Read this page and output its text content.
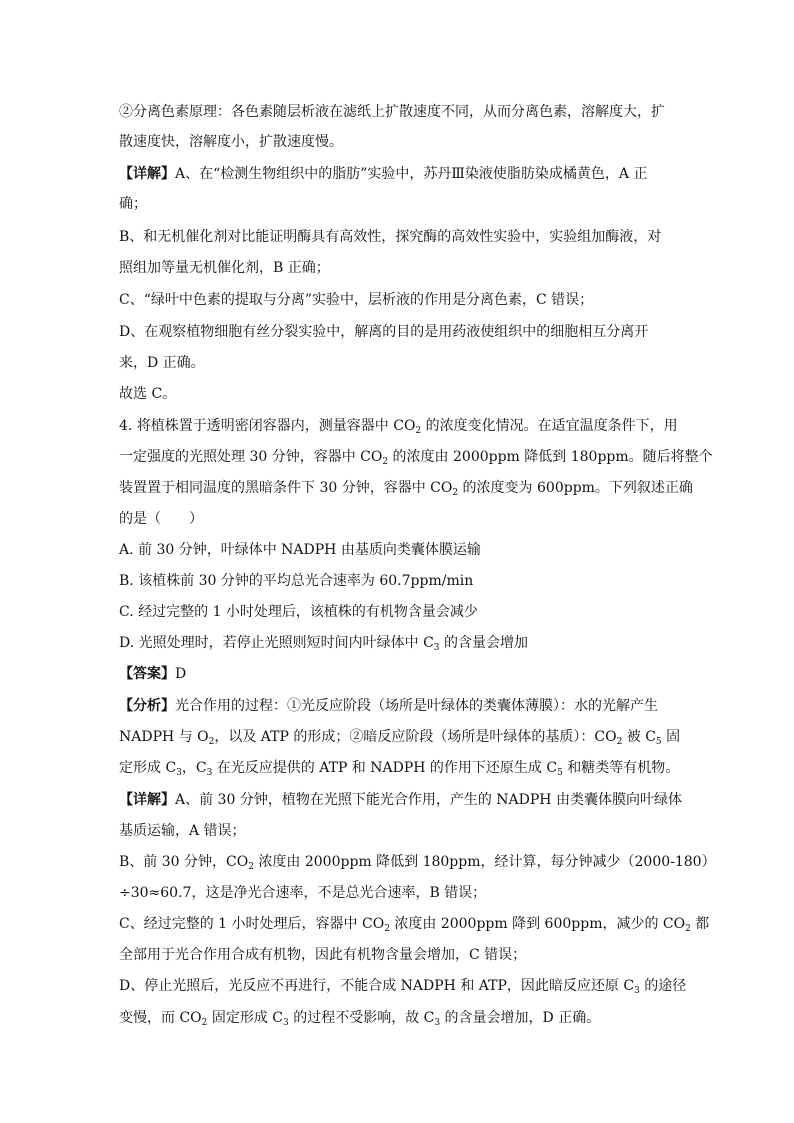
②分离色素原理：各色素随层析液在滤纸上扩散速度不同，从而分离色素，溶解度大，扩
散速度快，溶解度小，扩散速度慢。
【详解】A、在“检测生物组织中的脂肪”实验中，苏丹Ⅲ染液使脂肪染成橘黄色，A 正
确；
B、和无机催化剂对比能证明酶具有高效性，探究酶的高效性实验中，实验组加酶液，对
照组加等量无机催化剂，B 正确；
C、“绿叶中色素的提取与分离”实验中，层析液的作用是分离色素，C 错误；
D、在观察植物细胞有丝分裂实验中，解离的目的是用药液使组织中的细胞相互分离开
来，D 正确。
故选 C。
4. 将植株置于透明密闭容器内，测量容器中 $CO_2$ 的浓度变化情况。在适宜温度条件下，用
一定强度的光照处理 30 分钟，容器中 $CO_2$ 的浓度由 2000ppm 降低到 180ppm。随后将整个
装置置于相同温度的黑暗条件下 30 分钟，容器中 $CO_2$ 的浓度变为 600ppm。下列叙述正确
的是（　　）
A. 前 30 分钟，叶绿体中 NADPH 由基质向类囊体膜运输
B. 该植株前 30 分钟的平均总光合速率为 60.7ppm/min
C. 经过完整的 1 小时处理后，该植株的有机物含量会减少
D. 光照处理时，若停止光照则短时间内叶绿体中 $C_3$ 的含量会增加
【答案】D
【分析】光合作用的过程：①光反应阶段（场所是叶绿体的类囊体薄膜）：水的光解产生
NADPH 与 $O_2$，以及 ATP 的形成；②暗反应阶段（场所是叶绿体的基质）：$CO_2$ 被 $C_5$ 固
定形成 $C_3$，$C_3$ 在光反应提供的 ATP 和 NADPH 的作用下还原生成 $C_5$ 和糖类等有机物。
【详解】A、前 30 分钟，植物在光照下能光合作用，产生的 NADPH 由类囊体膜向叶绿体
基质运输，A 错误；
B、前 30 分钟，$CO_2$ 浓度由 2000ppm 降低到 180ppm，经计算，每分钟减少（2000-180）
÷30≈60.7，这是净光合速率，不是总光合速率，B 错误；
C、经过完整的 1 小时处理后，容器中 $CO_2$ 浓度由 2000ppm 降到 600ppm，减少的 $CO_2$ 都
全部用于光合作用合成有机物，因此有机物含量会增加，C 错误；
D、停止光照后，光反应不再进行，不能合成 NADPH 和 ATP，因此暗反应还原 $C_3$ 的途径
变慢，而 $CO_2$ 固定形成 $C_3$ 的过程不受影响，故 $C_3$ 的含量会增加，D 正确。
